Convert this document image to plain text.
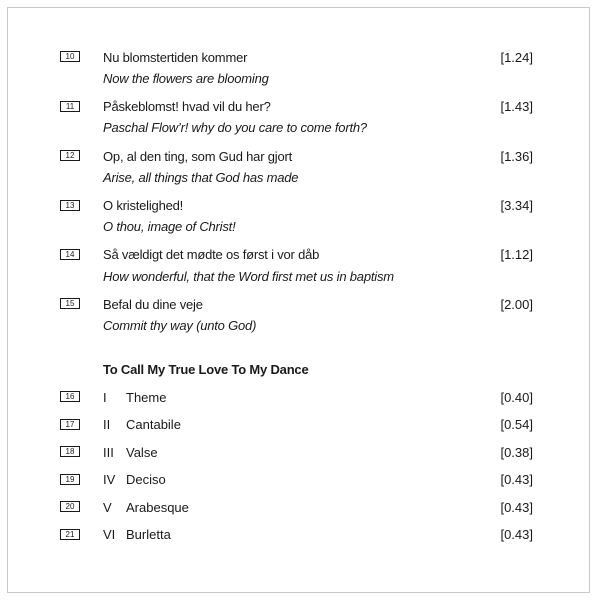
10	Nu blomstertiden kommer
Now the flowers are blooming
[1.24]
11	Påskeblomst! hvad vil du her?
Paschal Flow’r! why do you care to come forth?
[1.43]
12	Op, al den ting, som Gud har gjort
Arise, all things that God has made
[1.36]
13	O kristelighed!
O thou, image of Christ!
[3.34]
14	Så vældigt det mødte os først i vor dåb
How wonderful, that the Word first met us in baptism
[1.12]
15	Befal du dine veje
Commit thy way (unto God)
[2.00]
To Call My True Love To My Dance
16	I Theme	[0.40]
17	II Cantabile	[0.54]
18	III Valse	[0.38]
19	IV Deciso	[0.43]
20	V Arabesque	[0.43]
21	VI Burletta	[0.43]
